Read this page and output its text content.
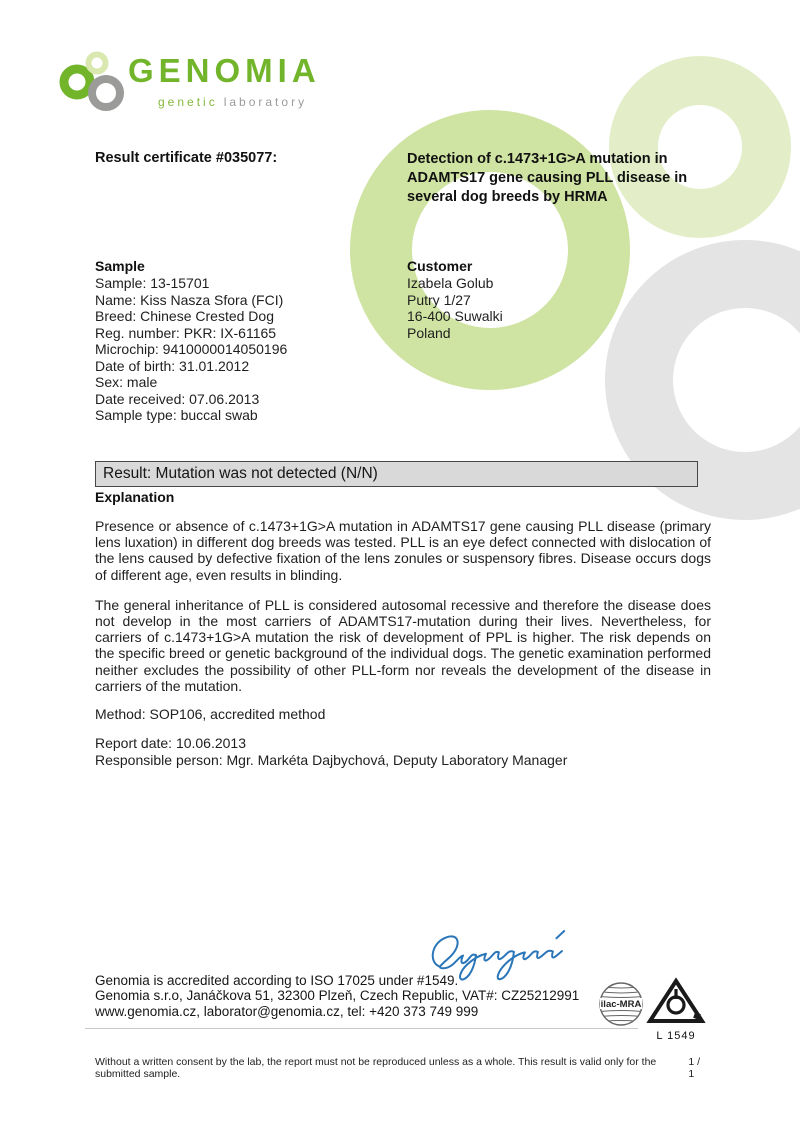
GENOMIA
genetic laboratory
Result certificate #035077:	Detection of c.1473+1G>A mutation in
ADAMTS17 gene causing PLL disease in
several dog breeds by HRMA
Sample
Sample: 13-15701
Name: Kiss Nasza Sfora (FCI)
Breed: Chinese Crested Dog
Reg. number: PKR: IX-61165
Microchip: 9410000014050196
Date of birth: 31.01.2012
Sex: male
Date received: 07.06.2013
Sample type: buccal swab
Customer
Izabela Golub
Putry 1/27
16-400 Suwalki
Poland
Result: Mutation was not detected (N/N)
Explanation

Presence or absence of c.1473+1G>A mutation in ADAMTS17 gene causing PLL disease (primary lens luxation) in different dog breeds was tested. PLL is an eye defect connected with dislocation of the lens caused by defective fixation of the lens zonules or suspensory fibres. Disease occurs dogs of different age, even results in blinding.

The general inheritance of PLL is considered autosomal recessive and therefore the disease does not develop in the most carriers of ADAMTS17-mutation during their lives. Nevertheless, for carriers of c.1473+1G>A mutation the risk of development of PPL is higher. The risk depends on the specific breed or genetic background of the individual dogs. The genetic examination performed neither excludes the possibility of other PLL-form nor reveals the development of the disease in carriers of the mutation.

Method: SOP106, accredited method
Report date: 10.06.2013
Responsible person: Mgr. Markéta Dajbychová, Deputy Laboratory Manager
Genomia is accredited according to ISO 17025 under #1549.
Genomia s.r.o, Janáčkova 51, 32300 Plzeň, Czech Republic, VAT#: CZ25212991
www.genomia.cz, laborator@genomia.cz, tel: +420 373 749 999	ilac-MRA
L 1549
Without a written consent by the lab, the report must not be reproduced unless as a whole. This result is valid only for the submitted sample.
1 / 1
